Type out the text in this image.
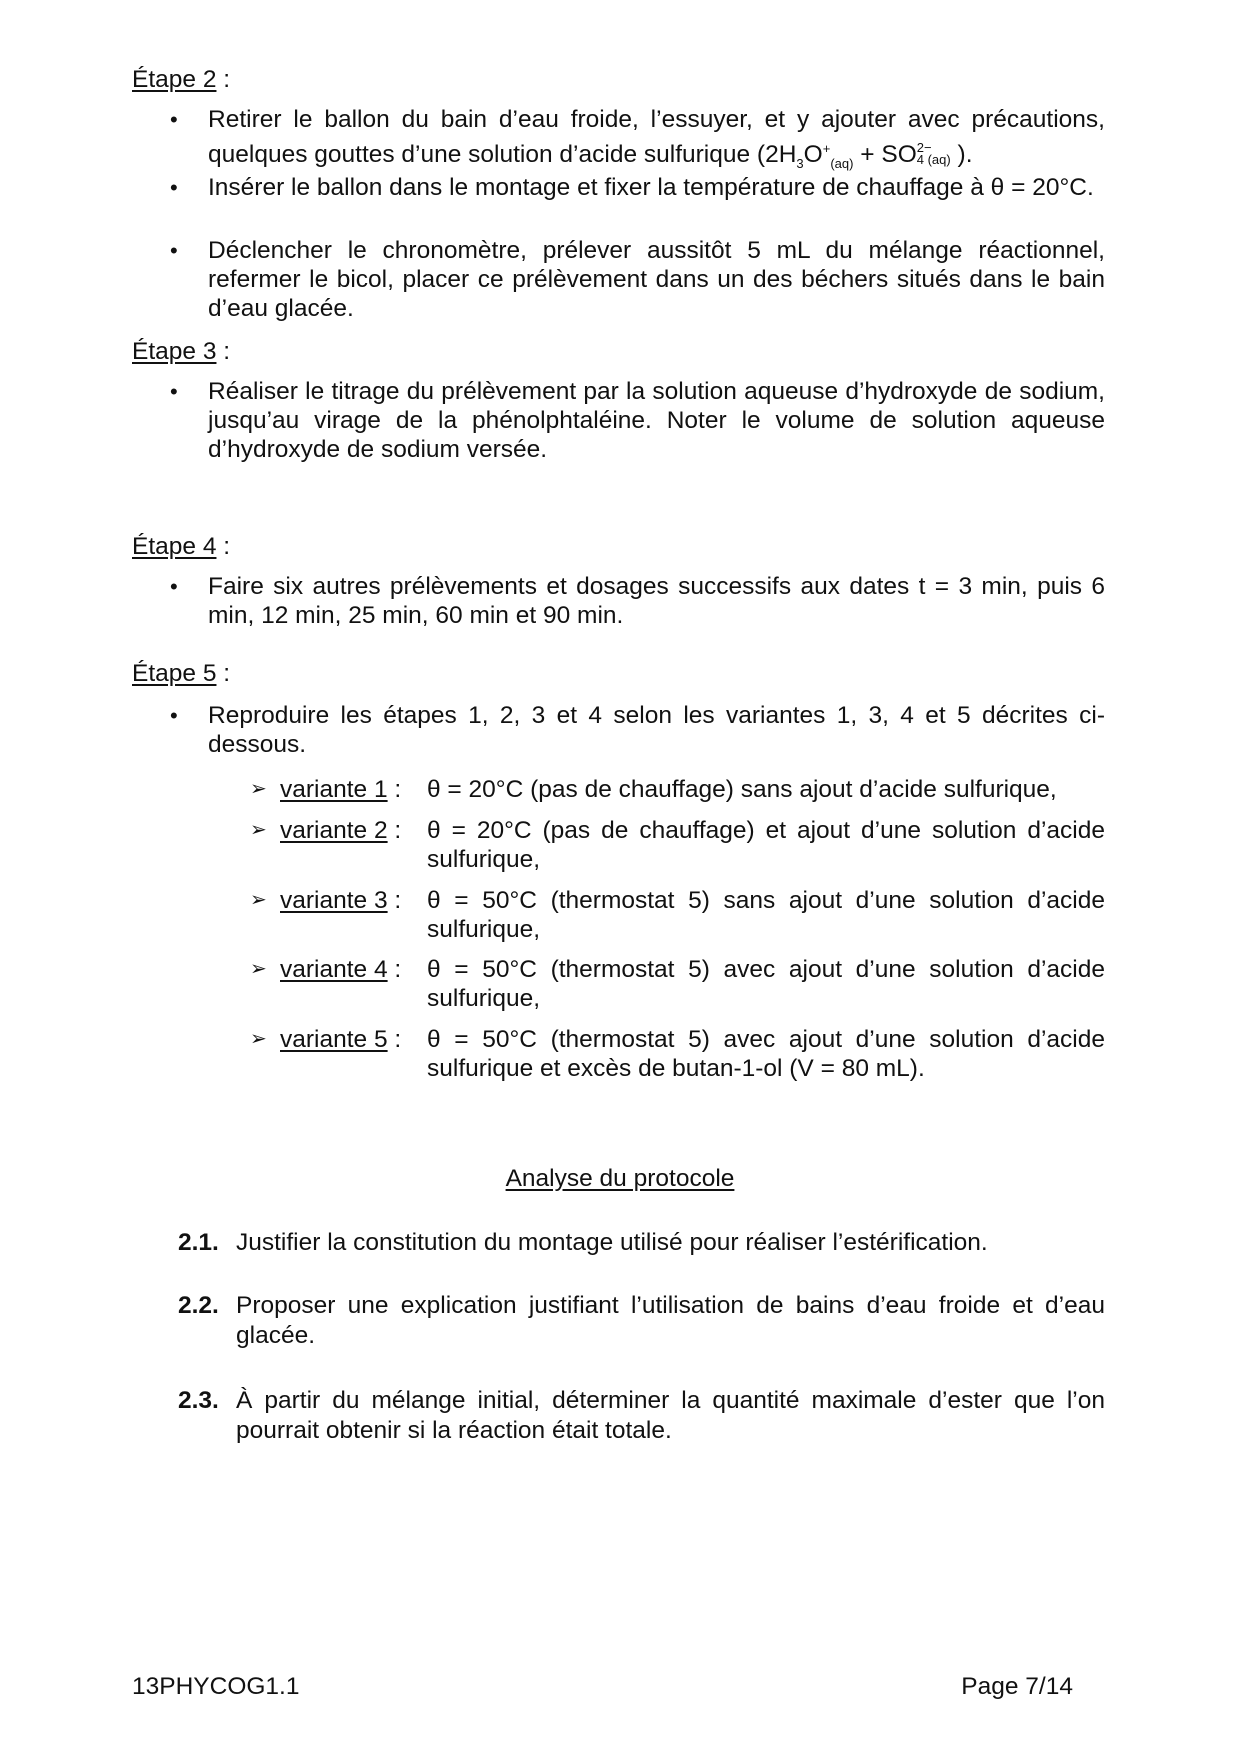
Étape 2 :
•	Retirer le ballon du bain d’eau froide, l’essuyer, et y ajouter avec précautions, quelques gouttes d’une solution d’acide sulfurique ($2H_3O^+_{(aq)}$ + SO 2−
4 (aq) ).
•	Insérer le ballon dans le montage et fixer la température de chauffage à θ = 20°C.
•	Déclencher le chronomètre, prélever aussitôt 5 mL du mélange réactionnel, refermer le bicol, placer ce prélèvement dans un des béchers situés dans le bain d’eau glacée.
Étape 3 :
•	Réaliser le titrage du prélèvement par la solution aqueuse d’hydroxyde de sodium, jusqu’au virage de la phénolphtaléine. Noter le volume de solution aqueuse d’hydroxyde de sodium versée.
Étape 4 :
•	Faire six autres prélèvements et dosages successifs aux dates t = 3 min, puis 6 min, 12 min, 25 min, 60 min et 90 min.
Étape 5 :
•	Reproduire les étapes 1, 2, 3 et 4 selon les variantes 1, 3, 4 et 5 décrites ci-dessous.
➢ variante 1 : θ = 20°C (pas de chauffage) sans ajout d’acide sulfurique,
➢ variante 2 : θ = 20°C (pas de chauffage) et ajout d’une solution d’acide sulfurique,
➢ variante 3 : θ = 50°C (thermostat 5) sans ajout d’une solution d’acide sulfurique,
➢ variante 4 : θ = 50°C (thermostat 5) avec ajout d’une solution d’acide sulfurique,
➢ variante 5 : θ = 50°C (thermostat 5) avec ajout d’une solution d’acide sulfurique et excès de butan-1-ol (V = 80 mL).
Analyse du protocole
2.1. Justifier la constitution du montage utilisé pour réaliser l’estérification.
2.2. Proposer une explication justifiant l’utilisation de bains d’eau froide et d’eau glacée.
2.3. À partir du mélange initial, déterminer la quantité maximale d’ester que l’on pourrait obtenir si la réaction était totale.
13PHYCOG1.1	Page 7/14
